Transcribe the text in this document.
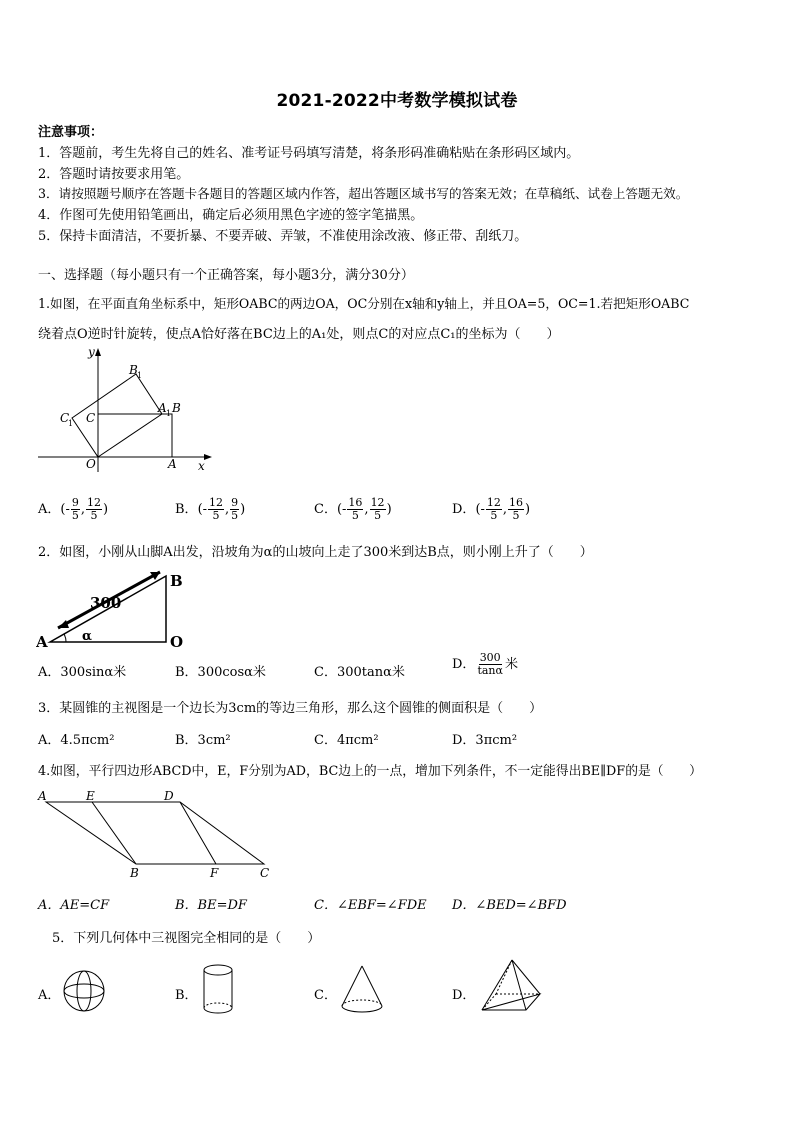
2021-2022中考数学模拟试卷
注意事项：
1．答题前，考生先将自己的姓名、准考证号码填写清楚，将条形码准确粘贴在条形码区域内。
2．答题时请按要求用笔。
3．请按照题号顺序在答题卡各题目的答题区域内作答，超出答题区域书写的答案无效；在草稿纸、试卷上答题无效。
4．作图可先使用铅笔画出，确定后必须用黑色字迹的签字笔描黑。
5．保持卡面清洁，不要折暴、不要弄破、弄皱，不准使用涂改液、修正带、刮纸刀。
一、选择题（每小题只有一个正确答案，每小题3分，满分30分）
1.如图，在平面直角坐标系中，矩形OABC的两边OA，OC分别在x轴和y轴上，并且OA=5，OC=1.若把矩形OABC
绕着点O逆时针旋转，使点A恰好落在BC边上的A₁处，则点C的对应点C₁的坐标为（　　）
y
x
O	A
B
C
B 1
C
1
A 1
A．(- $\frac{9}{5}$ , $\frac{12}{5}$ )	B．(- $\frac{12}{5}$ , $\frac{9}{5}$ )	C．(- $\frac{16}{5}$ , $\frac{12}{5}$ )	D．(- $\frac{12}{5}$ , $\frac{16}{5}$ )
2．如图，小刚从山脚A出发，沿坡角为α的山坡向上走了300米到达B点，则小刚上升了（　　）
A
B
O
300
α
A．300sinα米	B．300cosα米	C．300tanα米
D． $\frac{300}{\tan\alpha}$ 米
3．某圆锥的主视图是一个边长为3cm的等边三角形，那么这个圆锥的侧面积是（　　）
A．4.5πcm²	B．3cm²	C．4πcm²	D．3πcm²
4.如图，平行四边形ABCD中，E，F分别为AD，BC边上的一点，增加下列条件，不一定能得出BE∥DF的是（　　）
A	E	D
B	F	C
A．AE=CF	B．BE=DF	C．∠EBF=∠FDE D．∠BED=∠BFD
5．下列几何体中三视图完全相同的是（　　）
A．	B．	C．	D．
